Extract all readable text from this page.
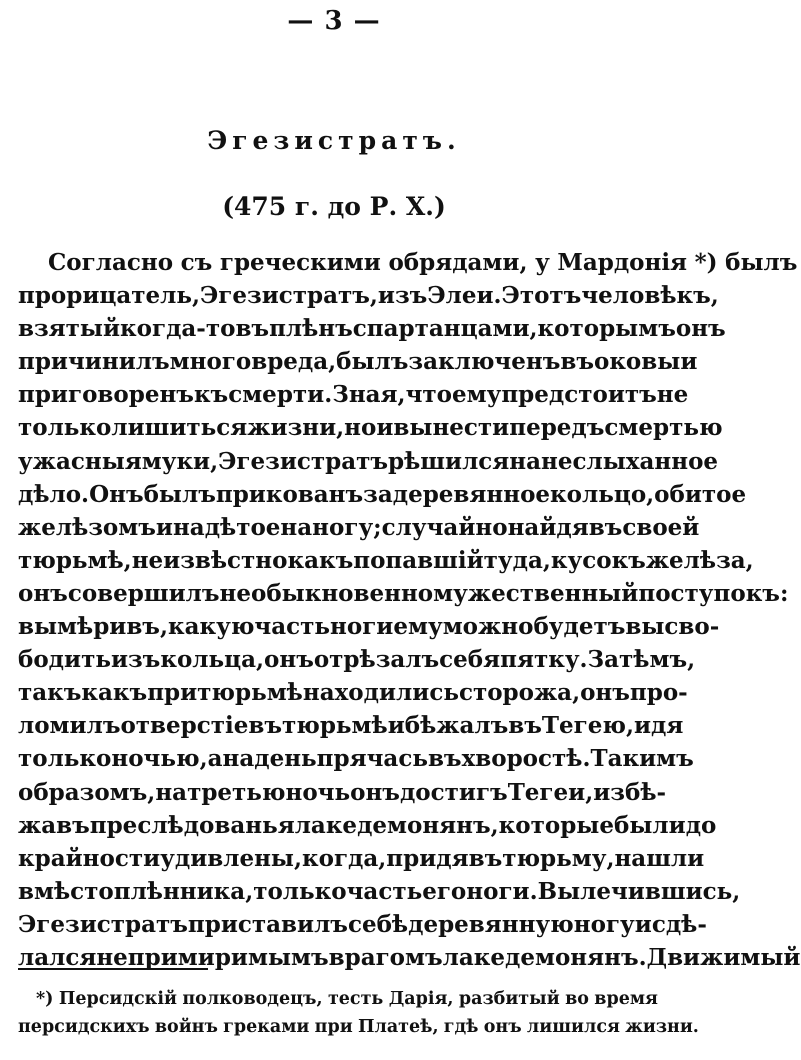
— 3 —
Эгезистратъ.
(475 г. до Р. Х.)
Согласно съ греческими обрядами, у Мардонія *) былъ
прорицатель, Эгезистратъ, изъ Элеи. Этотъ человѣкъ,
взятый когда-то въ плѣнъ спартанцами, которымъ онъ
причинилъ много вреда, былъ заключенъ въ оковы и
приговоренъ къ смерти. Зная, что ему предстоитъ не
только лишиться жизни, но и вынести передъ смертью
ужасныя муки, Эгезистратъ рѣшился на неслыханное
дѣло. Онъ былъ прикованъ за деревянное кольцо, обитое
желѣзомъ и надѣтое на ногу; случайно найдя въ своей
тюрьмѣ, неизвѣстно какъ попавшій туда, кусокъ желѣза,
онъ совершилъ необыкновенно мужественный поступокъ:
вымѣривъ, какую часть ноги ему можно будетъ высво-
бодить изъ кольца, онъ отрѣзалъ себя пятку. Затѣмъ,
такъ какъ при тюрьмѣ находились сторожа, онъ про-
ломилъ отверстіе въ тюрьмѣ и бѣжалъ въ Тегею, идя
только ночью, а на день прячась въ хворостѣ. Такимъ
образомъ, на третью ночь онъ достигъ Тегеи, избѣ-
жавъ преслѣдованья лакедемонянъ, которые были до
крайности удивлены, когда, придя въ тюрьму, нашли
вмѣсто плѣнника, только часть его ноги. Вылечившись,
Эгезистратъ приставилъ себѣ деревянную ногу и сдѣ-
лался непримиримымъ врагомъ лакедемонянъ. Движимый
*) Персидскій полководецъ, тесть Дарія, разбитый во время
персидскихъ войнъ греками при Платеѣ, гдѣ онъ лишился жизни.
